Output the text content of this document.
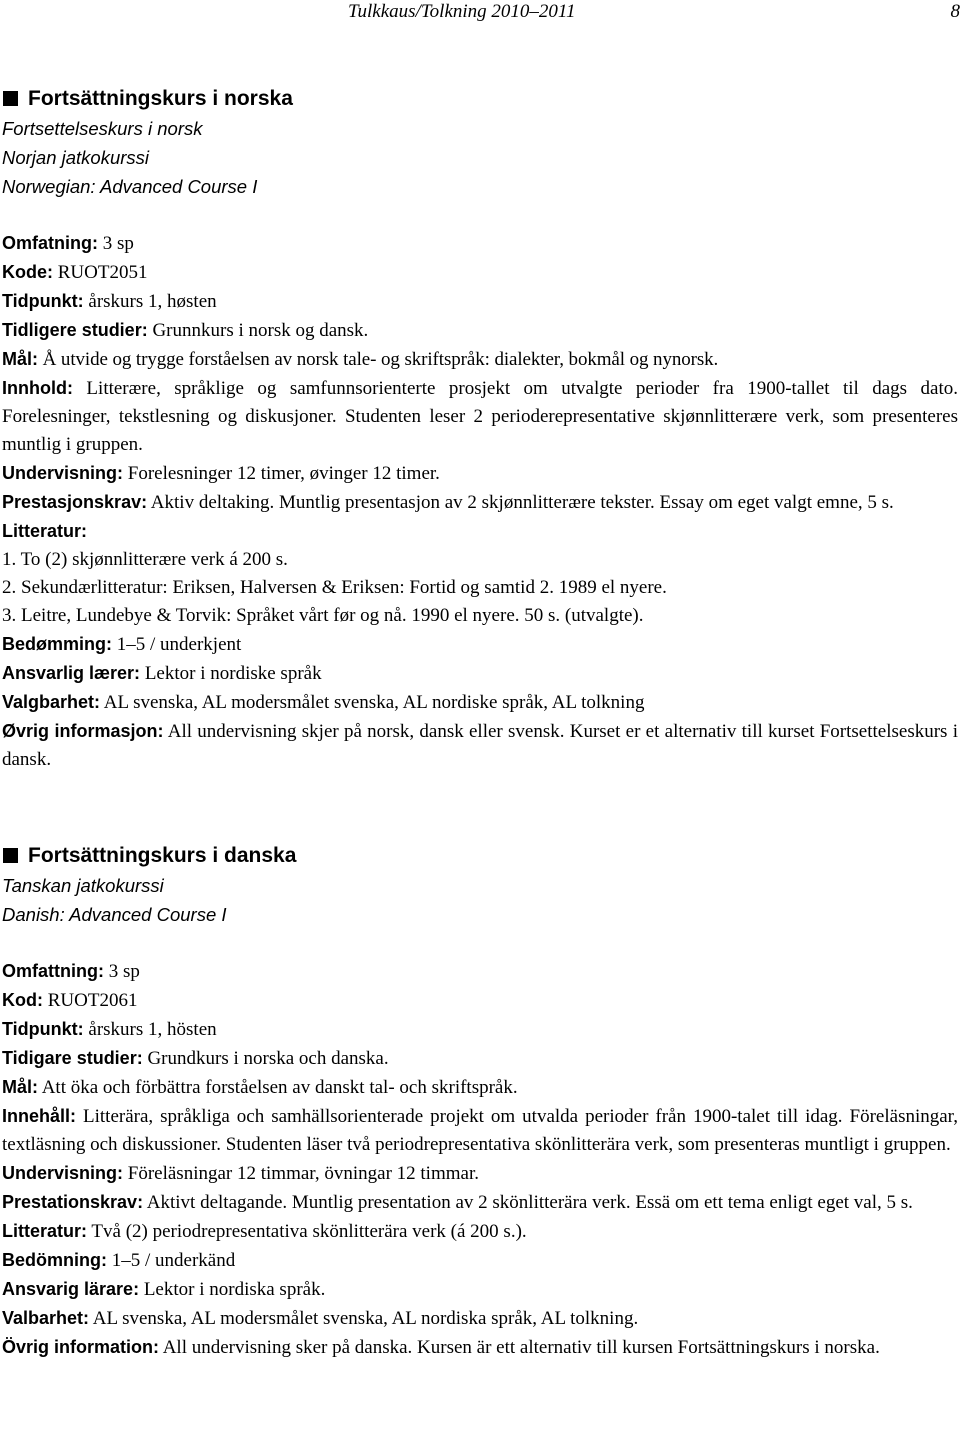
Tulkkaus/Tolkning 2010–2011	8
Fortsättningskurs i norska
Fortsettelseskurs i norsk
Norjan jatkokurssi
Norwegian: Advanced Course I
Omfatning: 3 sp
Kode: RUOT2051
Tidpunkt: årskurs 1, høsten
Tidligere studier: Grunnkurs i norsk og dansk.
Mål: Å utvide og trygge forståelsen av norsk tale- og skriftspråk: dialekter, bokmål og nynorsk.
Innhold: Litterære, språklige og samfunnsorienterte prosjekt om utvalgte perioder fra 1900-tallet til dags dato. Forelesninger, tekstlesning og diskusjoner. Studenten leser 2 perioderepresentative skjønnlitterære verk, som presenteres muntlig i gruppen.
Undervisning: Forelesninger 12 timer, øvinger 12 timer.
Prestasjonskrav: Aktiv deltaking. Muntlig presentasjon av 2 skjønnlitterære tekster. Essay om eget valgt emne, 5 s.
Litteratur:
1. To (2) skjønnlitterære verk á 200 s.
2. Sekundærlitteratur: Eriksen, Halversen & Eriksen: Fortid og samtid 2. 1989 el nyere.
3. Leitre, Lundebye & Torvik: Språket vårt før og nå. 1990 el nyere. 50 s. (utvalgte).
Bedømming: 1–5 / underkjent
Ansvarlig lærer: Lektor i nordiske språk
Valgbarhet: AL svenska, AL modersmålet svenska, AL nordiske språk, AL tolkning
Øvrig informasjon: All undervisning skjer på norsk, dansk eller svensk. Kurset er et alternativ till kurset Fortsettelseskurs i dansk.
Fortsättningskurs i danska
Tanskan jatkokurssi
Danish: Advanced Course I
Omfattning: 3 sp
Kod: RUOT2061
Tidpunkt: årskurs 1, hösten
Tidigare studier: Grundkurs i norska och danska.
Mål: Att öka och förbättra forståelsen av danskt tal- och skriftspråk.
Innehåll: Litterära, språkliga och samhällsorienterade projekt om utvalda perioder från 1900-talet till idag. Föreläsningar, textläsning och diskussioner. Studenten läser två periodrepresentativa skönlitterära verk, som presenteras muntligt i gruppen.
Undervisning: Föreläsningar 12 timmar, övningar 12 timmar.
Prestationskrav: Aktivt deltagande. Muntlig presentation av 2 skönlitterära verk. Essä om ett tema enligt eget val, 5 s.
Litteratur: Två (2) periodrepresentativa skönlitterära verk (á 200 s.).
Bedömning: 1–5 / underkänd
Ansvarig lärare: Lektor i nordiska språk.
Valbarhet: AL svenska, AL modersmålet svenska, AL nordiska språk, AL tolkning.
Övrig information: All undervisning sker på danska. Kursen är ett alternativ till kursen Fortsättningskurs i norska.
